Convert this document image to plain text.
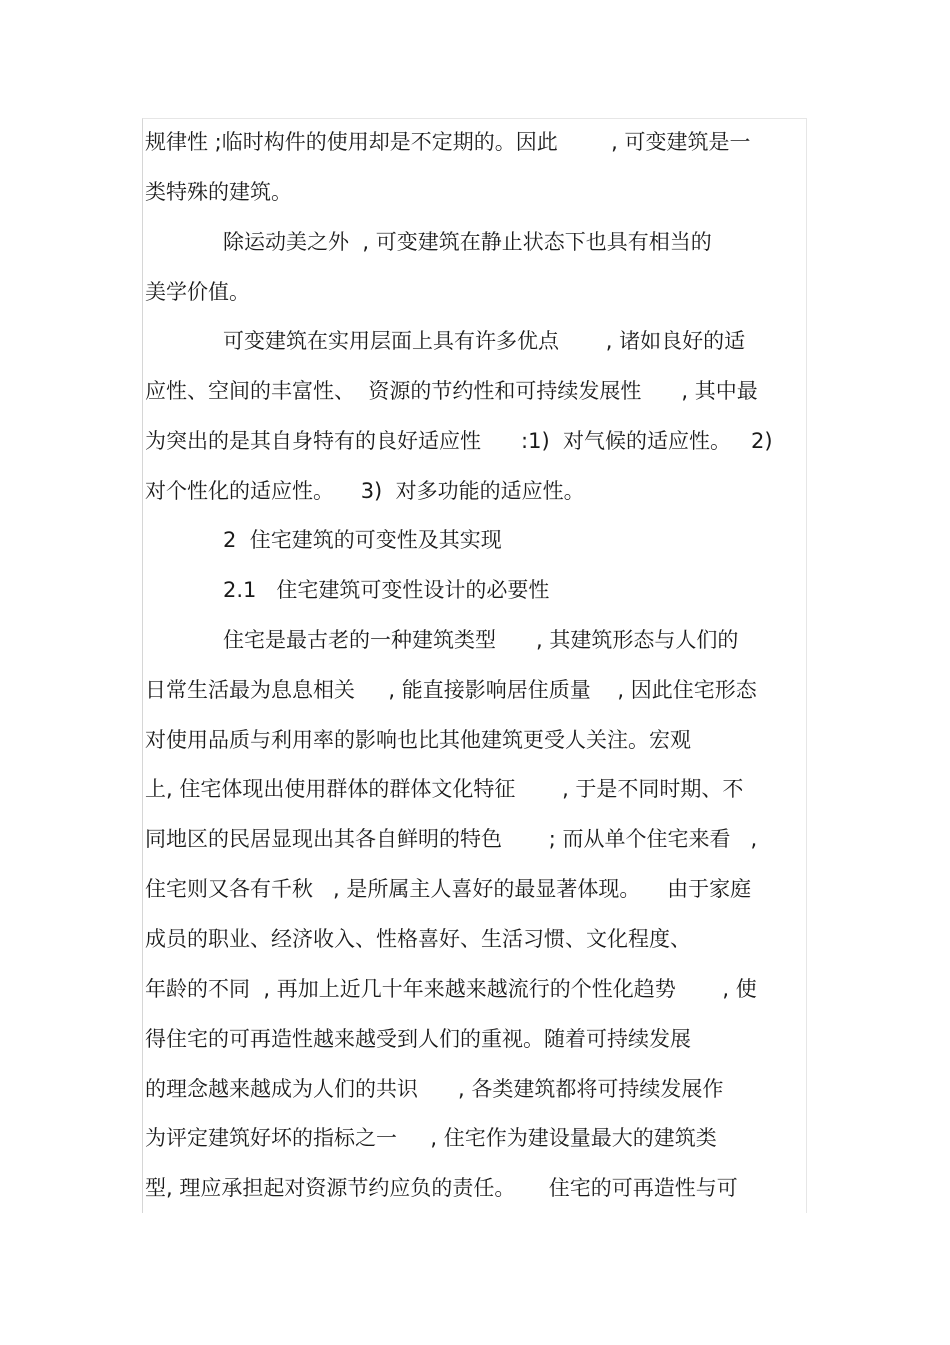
规律性 ;临时构件的使用却是不定期的。因此        , 可变建筑是一
类特殊的建筑。
除运动美之外  , 可变建筑在静止状态下也具有相当的
美学价值。
可变建筑在实用层面上具有许多优点       , 诸如良好的适
应性、空间的丰富性、  资源的节约性和可持续发展性      , 其中最
为突出的是其自身特有的良好适应性      :1)  对气候的适应性。   2)
对个性化的适应性。    3)  对多功能的适应性。
2  住宅建筑的可变性及其实现
2.1   住宅建筑可变性设计的必要性
住宅是最古老的一种建筑类型      , 其建筑形态与人们的
日常生活最为息息相关     , 能直接影响居住质量    , 因此住宅形态
对使用品质与利用率的影响也比其他建筑更受人关注。宏观
上, 住宅体现出使用群体的群体文化特征       , 于是不同时期、不
同地区的民居显现出其各自鲜明的特色       ; 而从单个住宅来看   ,
住宅则又各有千秋   , 是所属主人喜好的最显著体现。    由于家庭
成员的职业、经济收入、性格喜好、生活习惯、文化程度、
年龄的不同  , 再加上近几十年来越来越流行的个性化趋势       , 使
得住宅的可再造性越来越受到人们的重视。随着可持续发展
的理念越来越成为人们的共识      , 各类建筑都将可持续发展作
为评定建筑好坏的指标之一     , 住宅作为建设量最大的建筑类
型, 理应承担起对资源节约应负的责任。     住宅的可再造性与可
